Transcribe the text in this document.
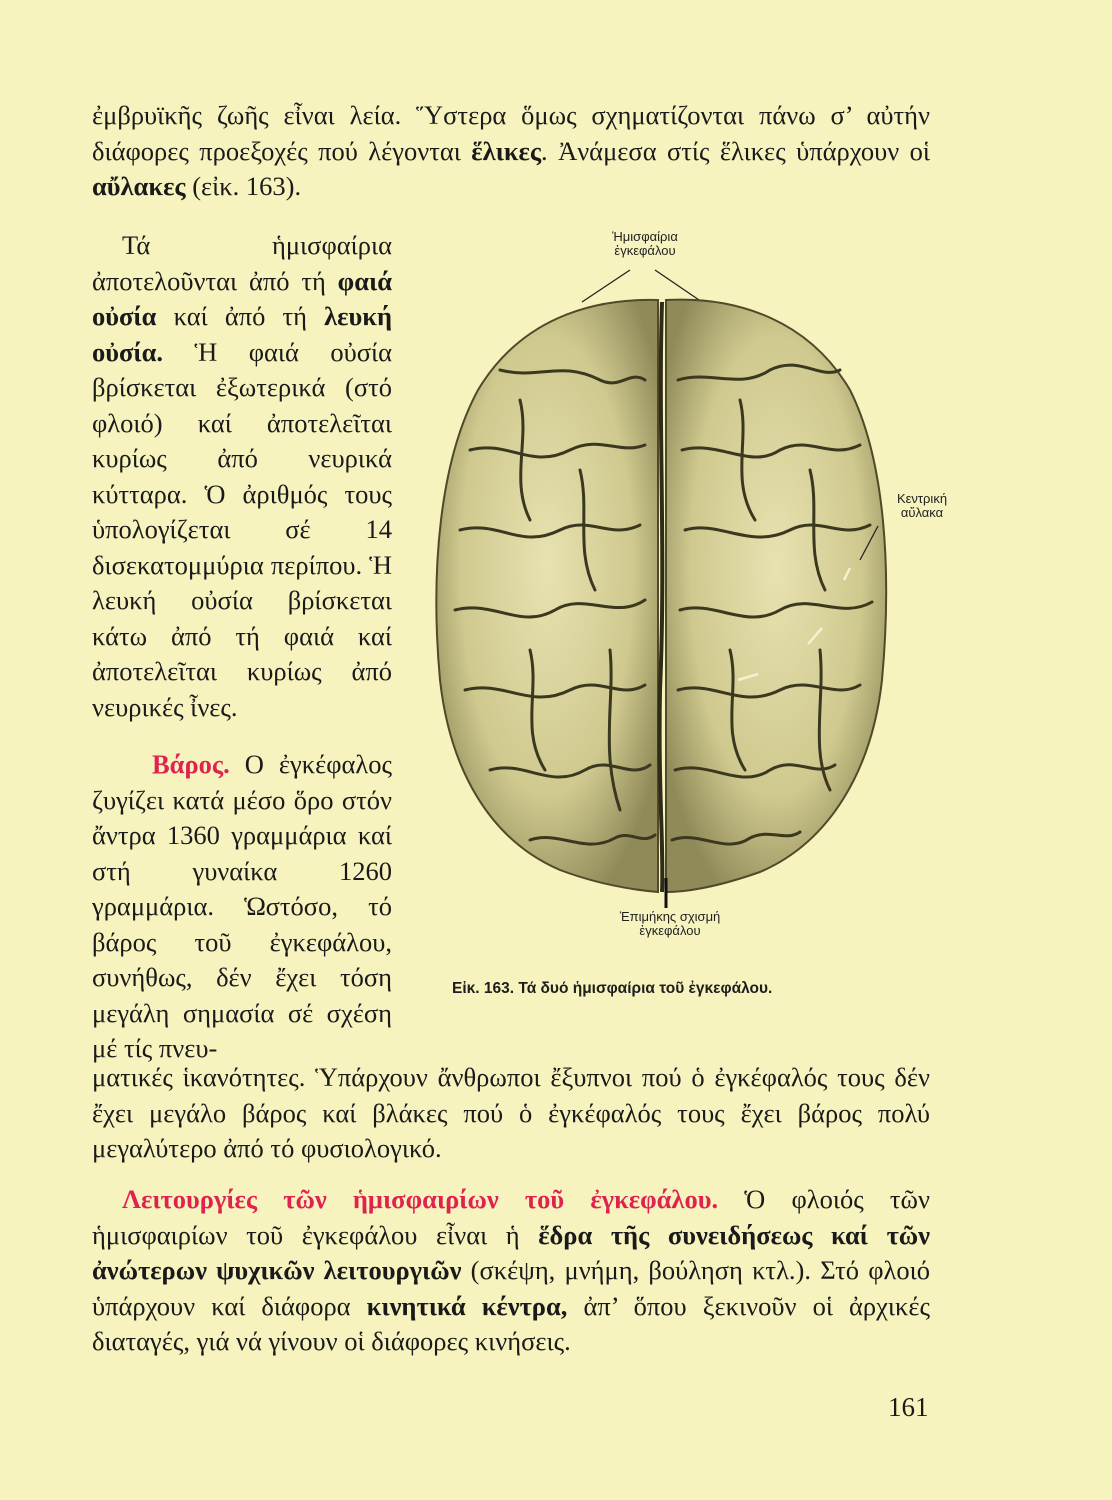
ἐμβρυϊκῆς ζωῆς εἶναι λεία. Ὕστερα ὅμως σχηματίζονται πάνω σ’ αὐτήν διάφορες προεξοχές πού λέγονται ἕλικες. Ἀνάμεσα στίς ἕλικες ὑπάρχουν οἱ αὔλακες (εἰκ. 163).

Τά ἡμισφαίρια ἀποτελοῦνται ἀπό τή φαιά οὐσία καί ἀπό τή λευκή οὐσία. Ἡ φαιά οὐσία βρίσκεται ἐξωτερικά (στό φλοιό) καί ἀποτελεῖται κυρίως ἀπό νευρικά κύτταρα. Ὁ ἀριθμός τους ὑπολογίζεται σέ 14 δισεκατομμύρια περίπου. Ἡ λευκή οὐσία βρίσκεται κάτω ἀπό τή φαιά καί ἀποτελεῖται κυρίως ἀπό νευρικές ἶνες.

Βάρος. Ο ἐγκέφαλος ζυγίζει κατά μέσο ὅρο στόν ἄντρα 1360 γραμμάρια καί στή γυναίκα 1260 γραμμάρια. Ὡστόσο, τό βάρος τοῦ ἐγκεφάλου, συνήθως, δέν ἔχει τόση μεγάλη σημασία σέ σχέση μέ τίς πνευ-

ματικές ἱκανότητες. Ὑπάρχουν ἄνθρωποι ἔξυπνοι πού ὁ ἐγκέφαλός τους δέν ἔχει μεγάλο βάρος καί βλάκες πού ὁ ἐγκέφαλός τους ἔχει βάρος πολύ μεγαλύτερο ἀπό τό φυσιολογικό.
Λειτουργίες τῶν ἡμισφαιρίων τοῦ ἐγκεφάλου. Ὁ φλοιός τῶν ἡμισφαιρίων τοῦ ἐγκεφάλου εἶναι ἡ ἕδρα τῆς συνειδήσεως καί τῶν ἀνώτερων ψυχικῶν λειτουργιῶν (σκέψη, μνήμη, βούληση κτλ.). Στό φλοιό ὑπάρχουν καί διάφορα κινητικά κέντρα, ἀπ’ ὅπου ξεκινοῦν οἱ ἀρχικές διαταγές, γιά νά γίνουν οἱ διάφορες κινήσεις.
Ἡμισφαίρια
ἐγκεφάλου
Κεντρική
αὔλακα
Ἐπιμήκης σχισμή
ἐγκεφάλου
Εἰκ. 163. Τά δυό ἡμισφαίρια τοῦ ἐγκεφάλου.
161
